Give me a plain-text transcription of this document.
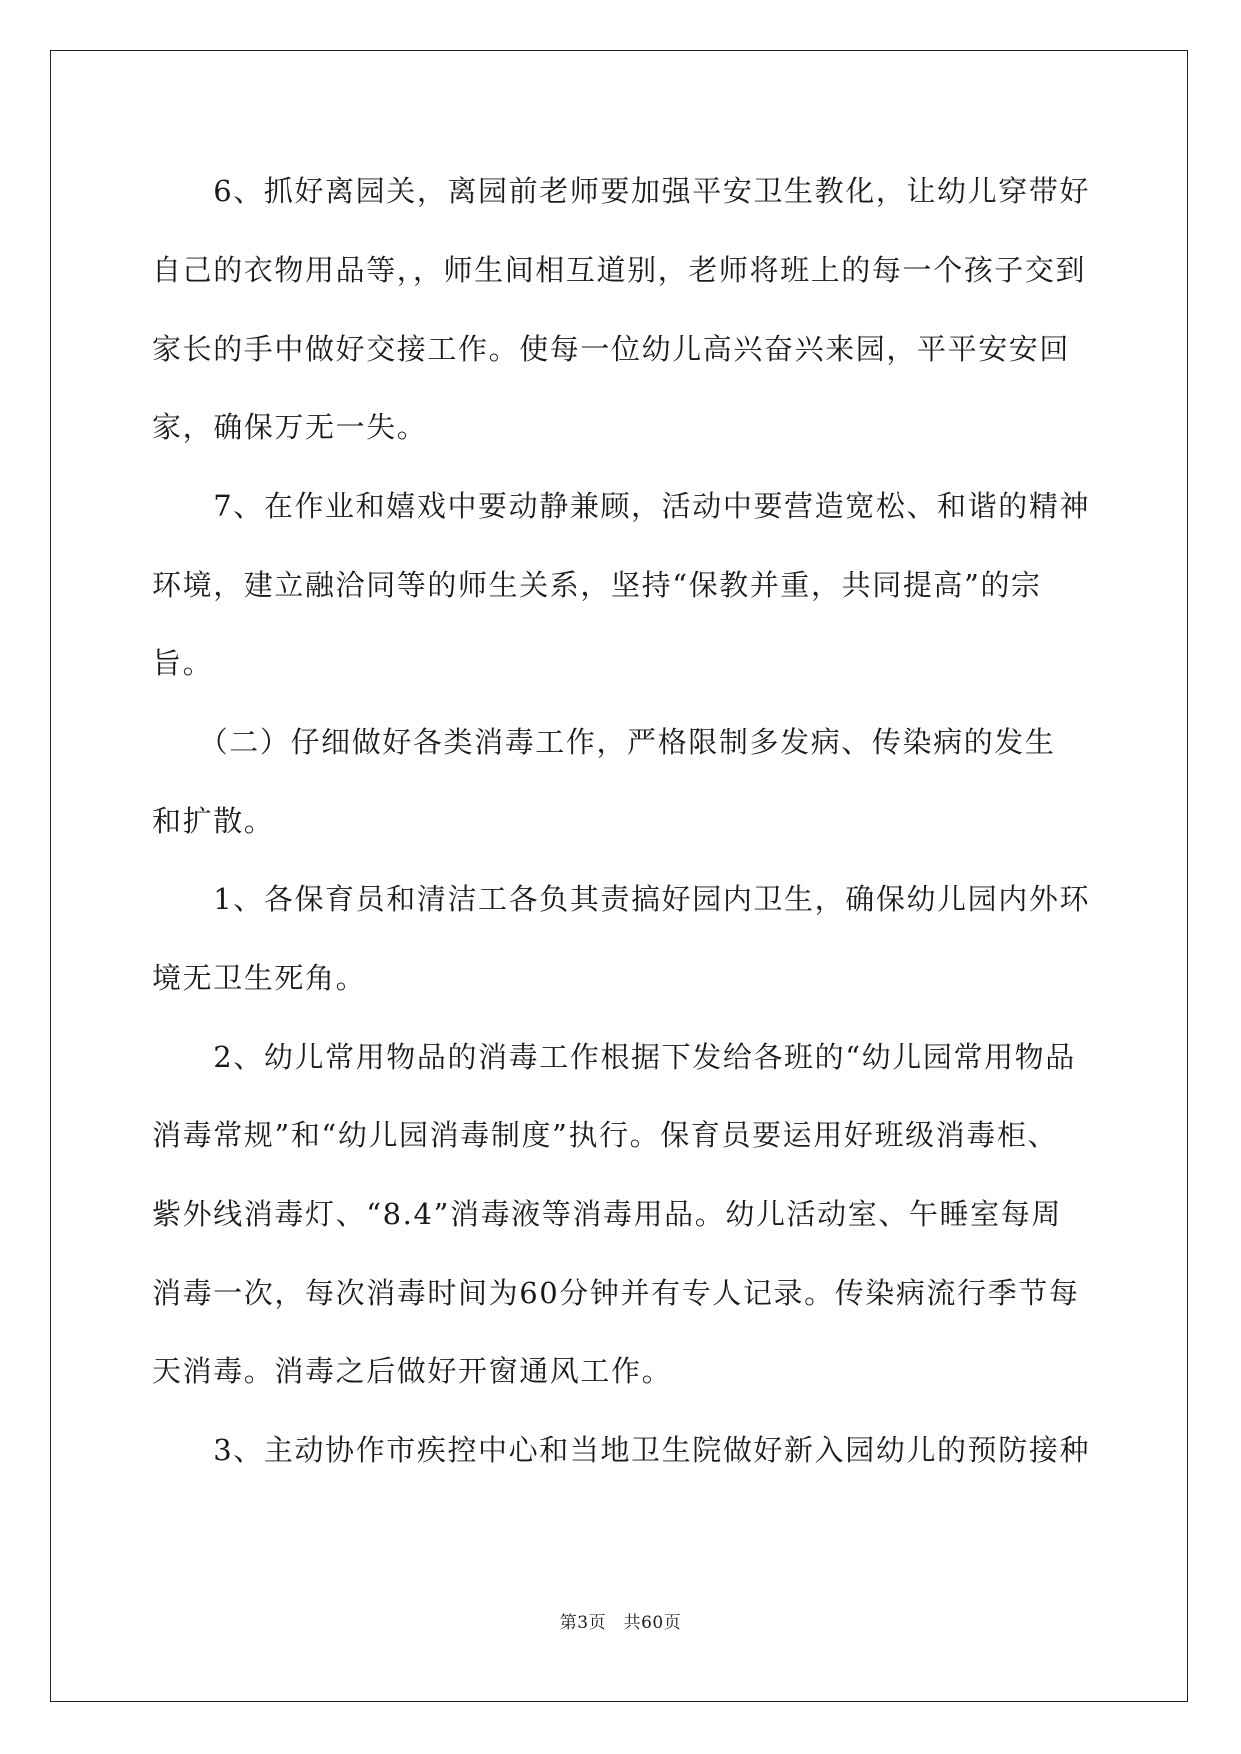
　　6、抓好离园关，离园前老师要加强平安卫生教化，让幼儿穿带好
自己的衣物用品等，，师生间相互道别，老师将班上的每一个孩子交到
家长的手中做好交接工作。使每一位幼儿高兴奋兴来园，平平安安回
家，确保万无一失。
　　7、在作业和嬉戏中要动静兼顾，活动中要营造宽松、和谐的精神
环境，建立融洽同等的师生关系，坚持“保教并重，共同提高”的宗
旨。
　　（二）仔细做好各类消毒工作，严格限制多发病、传染病的发生
和扩散。
　　1、各保育员和清洁工各负其责搞好园内卫生，确保幼儿园内外环
境无卫生死角。
　　2、幼儿常用物品的消毒工作根据下发给各班的“幼儿园常用物品
消毒常规”和“幼儿园消毒制度”执行。保育员要运用好班级消毒柜、
紫外线消毒灯、“8.4”消毒液等消毒用品。幼儿活动室、午睡室每周
消毒一次，每次消毒时间为60分钟并有专人记录。传染病流行季节每
天消毒。消毒之后做好开窗通风工作。
　　3、主动协作市疾控中心和当地卫生院做好新入园幼儿的预防接种
第3页　共60页
